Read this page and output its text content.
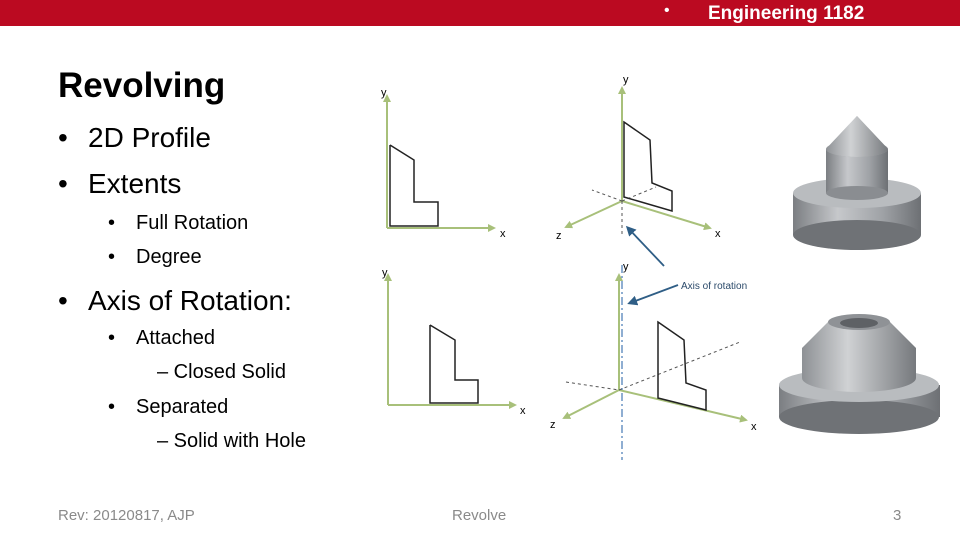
• Engineering 1182
Revolving
• 2D Profile
• Extents
• Full Rotation
• Degree
• Axis of Rotation:
• Attached
– Closed Solid
• Separated
– Solid with Hole
y
x
y
x
z
Axis of rotation
y
x
y
x
z
Rev: 20120817, AJP	Revolve	3
